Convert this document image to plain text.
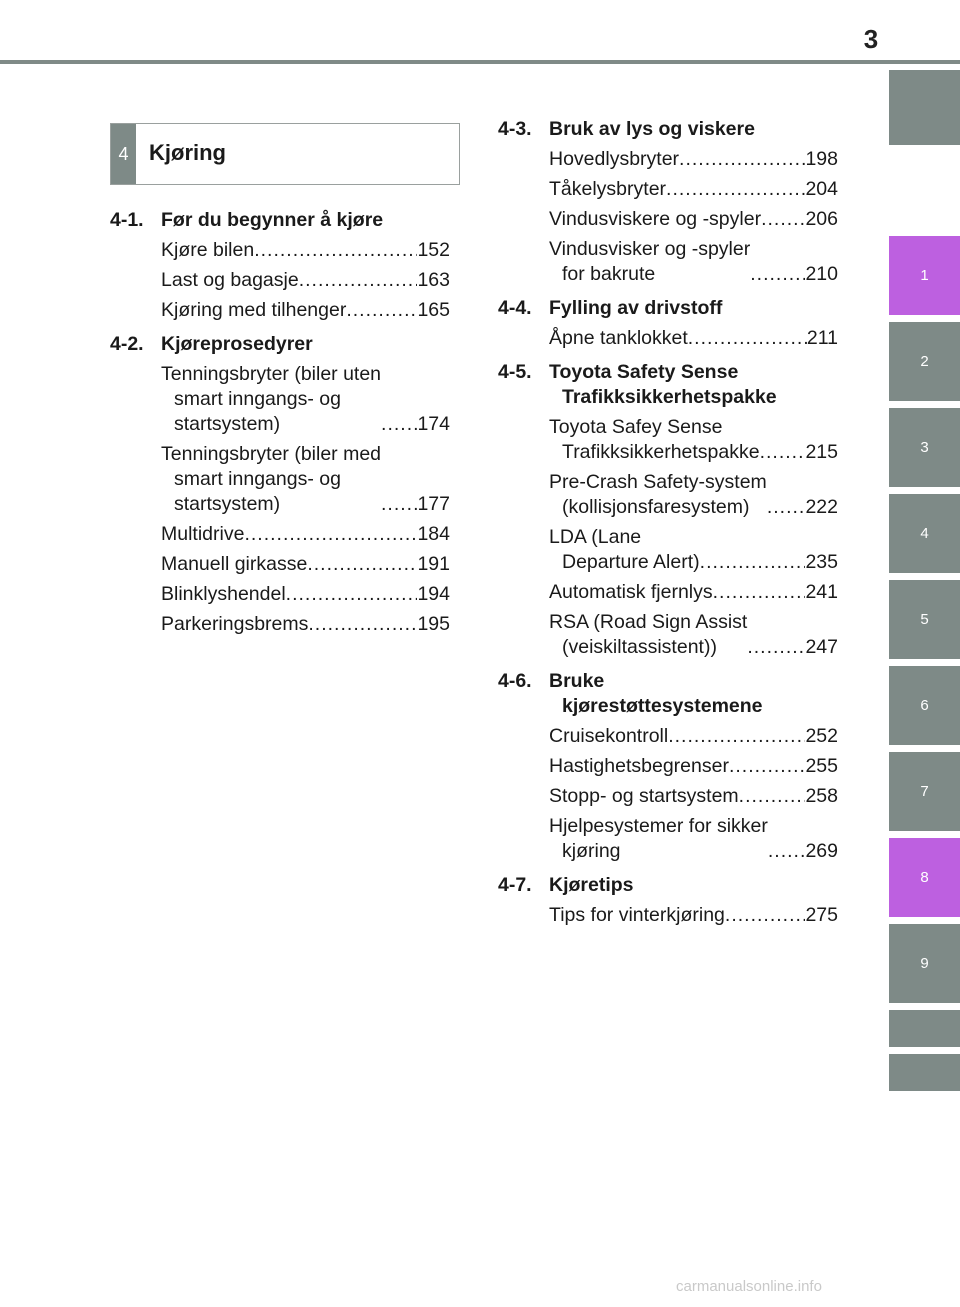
3
1
2
3
4
5
6
7
8
9
4 Kjøring
4-1. Før du begynner å kjøre
Kjøre bilen .....	152
Last og bagasje .....	163
Kjøring med tilhenger .....	165
4-2. Kjøreprosedyrer
Tenningsbryter (biler uten
smart inngangs- og
startsystem) .....	174
Tenningsbryter (biler med
smart inngangs- og
startsystem) .....	177
Multidrive .....	184
Manuell girkasse .....	191
Blinklyshendel .....	194
Parkeringsbrems .....	195
4-3. Bruk av lys og viskere
Hovedlysbryter .....	198
Tåkelysbryter .....	204
Vindusviskere og -spyler ..... 206
Vindusvisker og -spyler
for bakrute .....	210
4-4. Fylling av drivstoff
Åpne tanklokket .....	211
4-5. Toyota Safety Sense
Trafikksikkerhetspakke
Toyota Safey Sense
Trafikksikkerhetspakke ..... 215
Pre-Crash Safety-system
(kollisjonsfaresystem) .....	222
LDA (Lane
Departure Alert) .....	235
Automatisk fjernlys .....	241
RSA (Road Sign Assist
(veiskiltassistent)) .....	247
4-6. Bruke
kjørestøttesystemene
Cruisekontroll .....	252
Hastighetsbegrenser .....	255
Stopp- og startsystem .....	258
Hjelpesystemer for sikker
kjøring .....	269
4-7. Kjøretips
Tips for vinterkjøring .....	275
carmanualsonline.info
